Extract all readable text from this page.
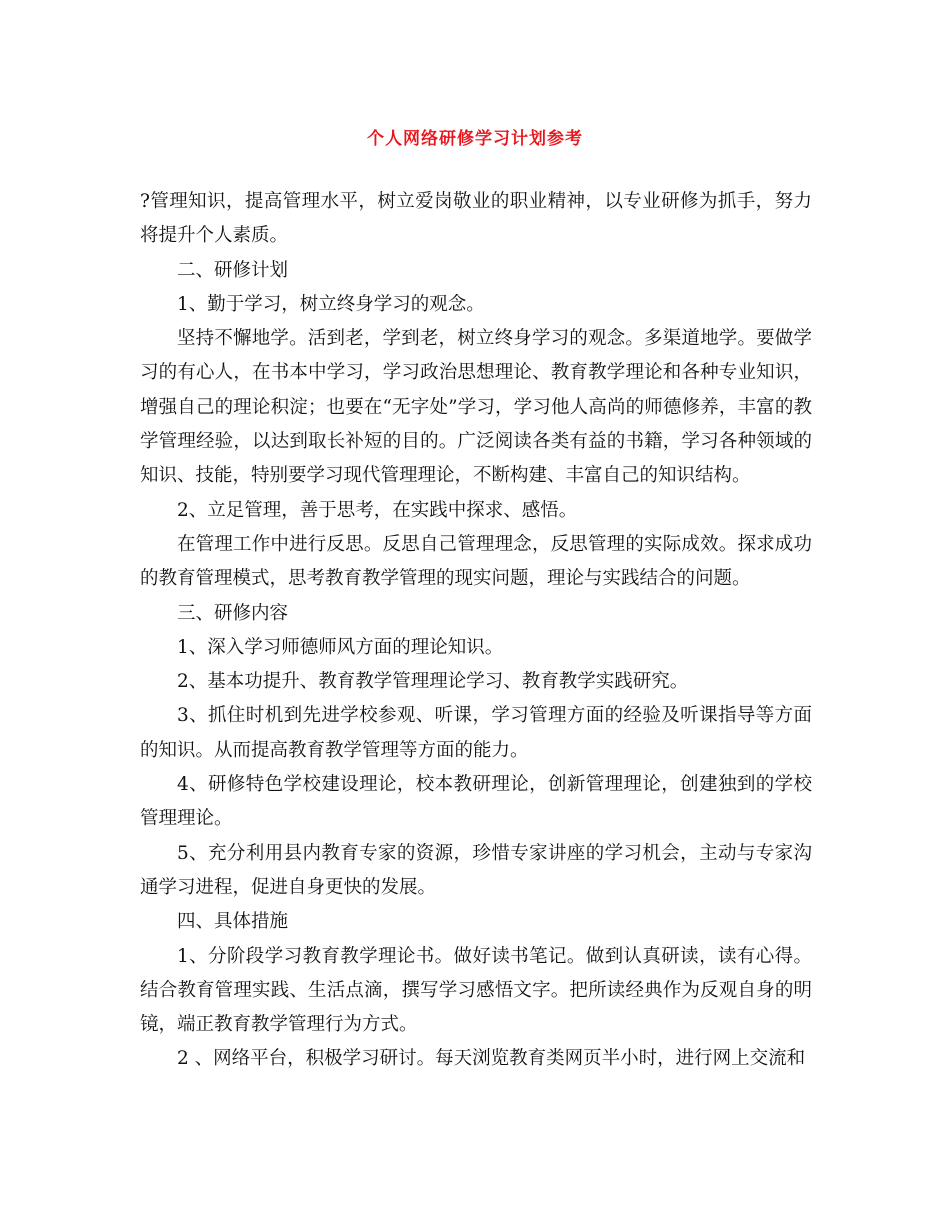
个人网络研修学习计划参考

?管理知识，提高管理水平，树立爱岗敬业的职业精神，以专业研修为抓手，努力将提升个人素质。

二、研修计划

1、勤于学习，树立终身学习的观念。

坚持不懈地学。活到老，学到老，树立终身学习的观念。多渠道地学。要做学习的有心人，在书本中学习，学习政治思想理论、教育教学理论和各种专业知识，增强自己的理论积淀；也要在“无字处”学习，学习他人高尚的师德修养，丰富的教学管理经验，以达到取长补短的目的。广泛阅读各类有益的书籍，学习各种领域的知识、技能，特别要学习现代管理理论，不断构建、丰富自己的知识结构。

2、立足管理，善于思考，在实践中探求、感悟。

在管理工作中进行反思。反思自己管理理念，反思管理的实际成效。探求成功的教育管理模式，思考教育教学管理的现实问题，理论与实践结合的问题。

三、研修内容

1、深入学习师德师风方面的理论知识。

2、基本功提升、教育教学管理理论学习、教育教学实践研究。

3、抓住时机到先进学校参观、听课，学习管理方面的经验及听课指导等方面的知识。从而提高教育教学管理等方面的能力。

4、研修特色学校建设理论，校本教研理论，创新管理理论，创建独到的学校管理理论。

5、充分利用县内教育专家的资源，珍惜专家讲座的学习机会，主动与专家沟通学习进程，促进自身更快的发展。

四、具体措施

1、分阶段学习教育教学理论书。做好读书笔记。做到认真研读，读有心得。结合教育管理实践、生活点滴，撰写学习感悟文字。把所读经典作为反观自身的明镜，端正教育教学管理行为方式。

2 、网络平台，积极学习研讨。每天浏览教育类网页半小时，进行网上交流和
